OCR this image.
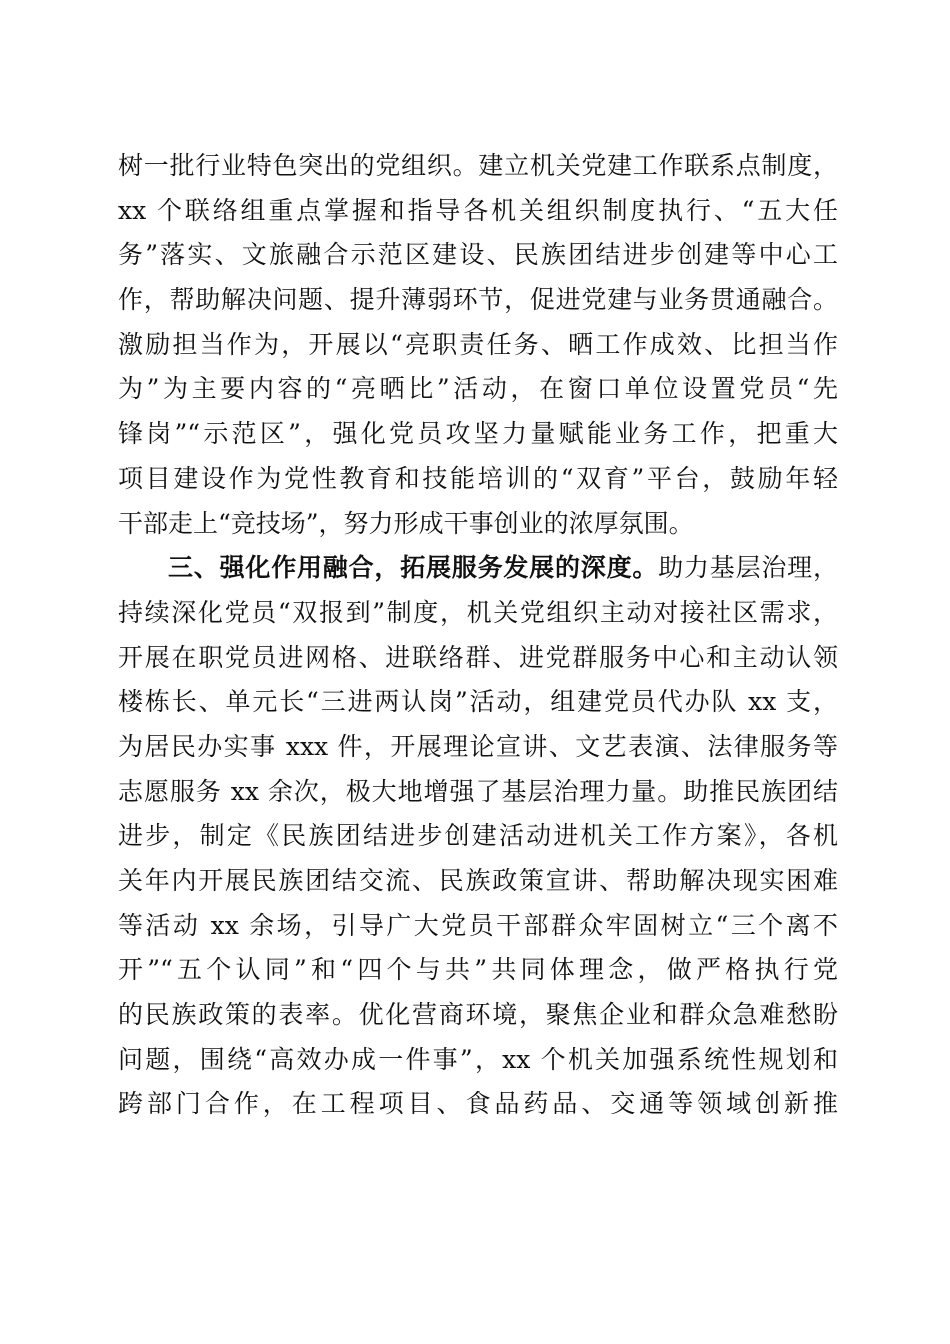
树一批行业特色突出的党组织。建立机关党建工作联系点制度，
xx 个联络组重点掌握和指导各机关组织制度执行、“五大任
务”落实、文旅融合示范区建设、民族团结进步创建等中心工
作，帮助解决问题、提升薄弱环节，促进党建与业务贯通融合。
激励担当作为，开展以“亮职责任务、晒工作成效、比担当作
为”为主要内容的“亮晒比”活动，在窗口单位设置党员“先
锋岗”“示范区”，强化党员攻坚力量赋能业务工作，把重大
项目建设作为党性教育和技能培训的“双育”平台，鼓励年轻
干部走上“竞技场”，努力形成干事创业的浓厚氛围。
三、强化作用融合，拓展服务发展的深度。助力基层治理，
持续深化党员“双报到”制度，机关党组织主动对接社区需求，
开展在职党员进网格、进联络群、进党群服务中心和主动认领
楼栋长、单元长“三进两认岗”活动，组建党员代办队 xx 支，
为居民办实事 xxx 件，开展理论宣讲、文艺表演、法律服务等
志愿服务 xx 余次，极大地增强了基层治理力量。助推民族团结
进步，制定《民族团结进步创建活动进机关工作方案》，各机
关年内开展民族团结交流、民族政策宣讲、帮助解决现实困难
等活动 xx 余场，引导广大党员干部群众牢固树立“三个离不
开”“五个认同”和“四个与共”共同体理念，做严格执行党
的民族政策的表率。优化营商环境，聚焦企业和群众急难愁盼
问题，围绕“高效办成一件事”，xx 个机关加强系统性规划和
跨部门合作，在工程项目、食品药品、交通等领域创新推
